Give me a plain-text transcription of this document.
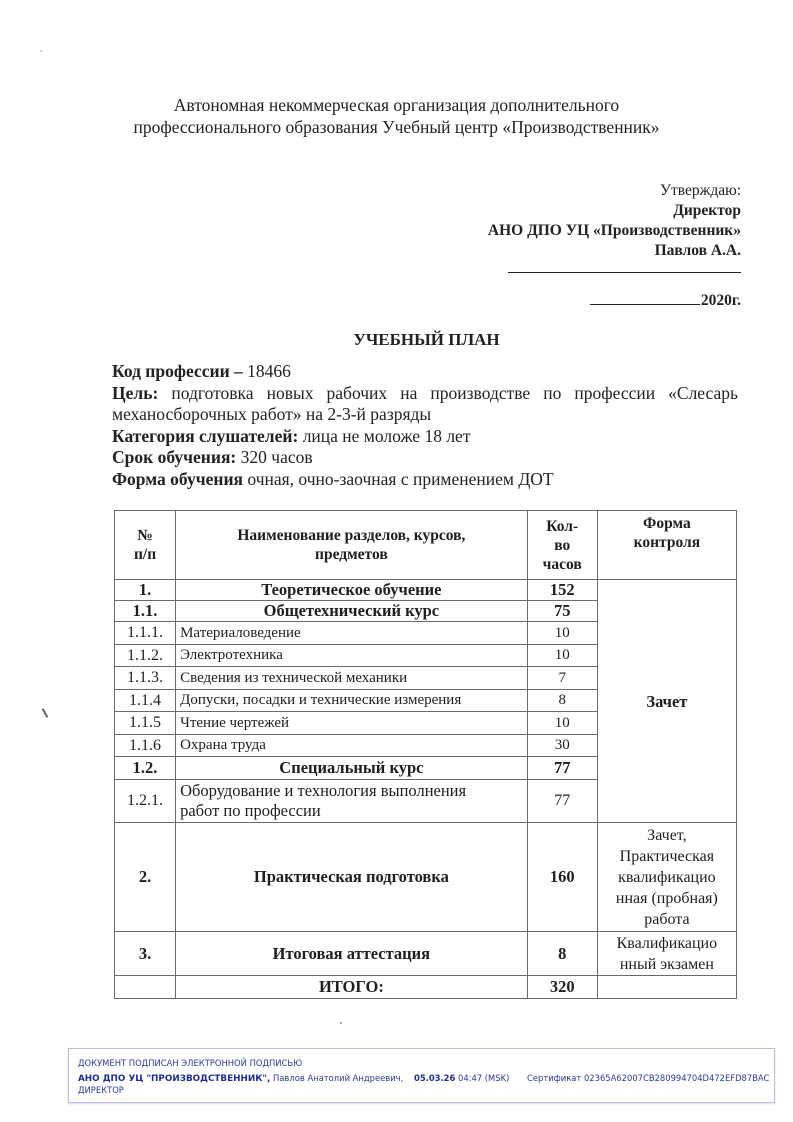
Автономная некоммерческая организация дополнительного
профессионального образования Учебный центр «Производственник»
Утверждаю:
Директор
АНО ДПО УЦ «Производственник»
Павлов А.А.
2020г.
УЧЕБНЫЙ ПЛАН

Код профессии – 18466

Цель: подготовка новых рабочих на производстве по профессии «Слесарь

механосборочных работ» на 2-3-й разряды

Категория слушателей: лица не моложе 18 лет

Срок обучения: 320 часов

Форма обучения очная, очно-заочная с применением ДОТ

№
п/п

Наименование разделов, курсов,
предметов

Кол-
во
часов

Форма
контроля

1.	Теоретическое обучение	152	Зачет
1.1.	Общетехнический курс	75	
1.1.1.	Материаловедение	10	
1.1.2.	Электротехника	10	
1.1.3.	Сведения из технической механики	7	
1.1.4	Допуски, посадки и технические измерения	8	
1.1.5	Чтение чертежей	10	
1.1.6	Охрана труда	30	
1.2.	Специальный курс	77	
1.2.1.	Оборудование и технология выполнения
работ по профессии	77	
2.	Практическая подготовка	160	Зачет,
Практическая
квалификацио
нная (пробная)
работа

3.	Итоговая аттестация	8	Квалификацио
нный экзамен

	ИТОГО:	320	
ДОКУМЕНТ ПОДПИСАН ЭЛЕКТРОННОЙ ПОДПИСЬЮ
АНО ДПО УЦ "ПРОИЗВОДСТВЕННИК", Павлов Анатолий Андреевич,
ДИРЕКТОР
05.03.26 04:47 (MSK) Сертификат 02365A62007CB280994704D472EFD87BAC
